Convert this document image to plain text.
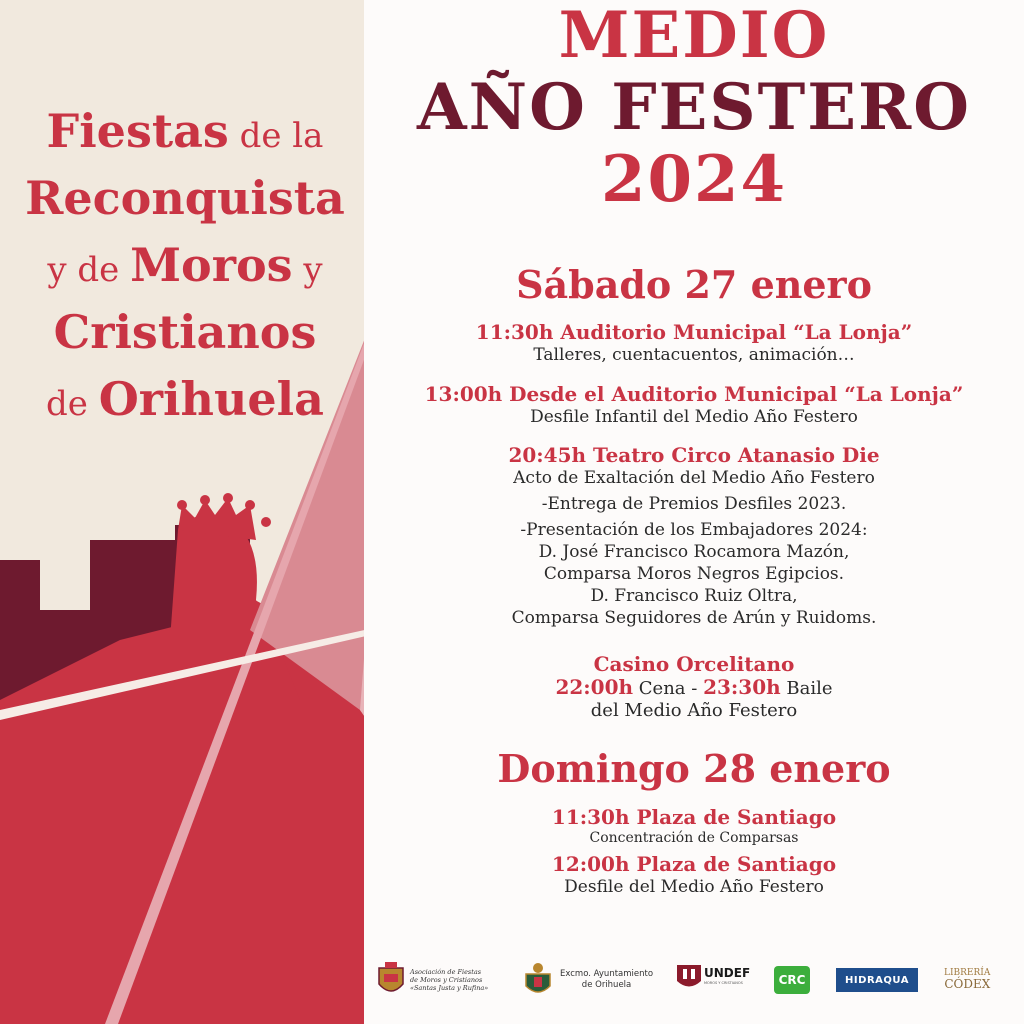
Fiestas de la
Reconquista
y de Moros y
Cristianos
de Orihuela
MEDIO
AÑO FESTERO
2024
Sábado 27 enero
11:30h Auditorio Municipal “La Lonja”
Talleres, cuentacuentos, animación…
13:00h Desde el Auditorio Municipal “La Lonja”
Desfile Infantil del Medio Año Festero
20:45h Teatro Circo Atanasio Die
Acto de Exaltación del Medio Año Festero
-Entrega de Premios Desfiles 2023.
-Presentación de los Embajadores 2024:
D. José Francisco Rocamora Mazón,
Comparsa Moros Negros Egipcios.
D. Francisco Ruiz Oltra,
Comparsa Seguidores de Arún y Ruidoms.
Casino Orcelitano
22:00h Cena - 23:30h Baile
del Medio Año Festero
Domingo 28 enero
11:30h Plaza de Santiago
Concentración de Comparsas
12:00h Plaza de Santiago
Desfile del Medio Año Festero
Asociación de Fiestas
de Moros y Cristianos
«Santas Justa y Rufina»
Excmo. Ayuntamiento
de Orihuela
UNDEF
MOROS Y CRISTIANOS	CRC	HIDRAQUA
LIBRERÍA
CÓDEX
